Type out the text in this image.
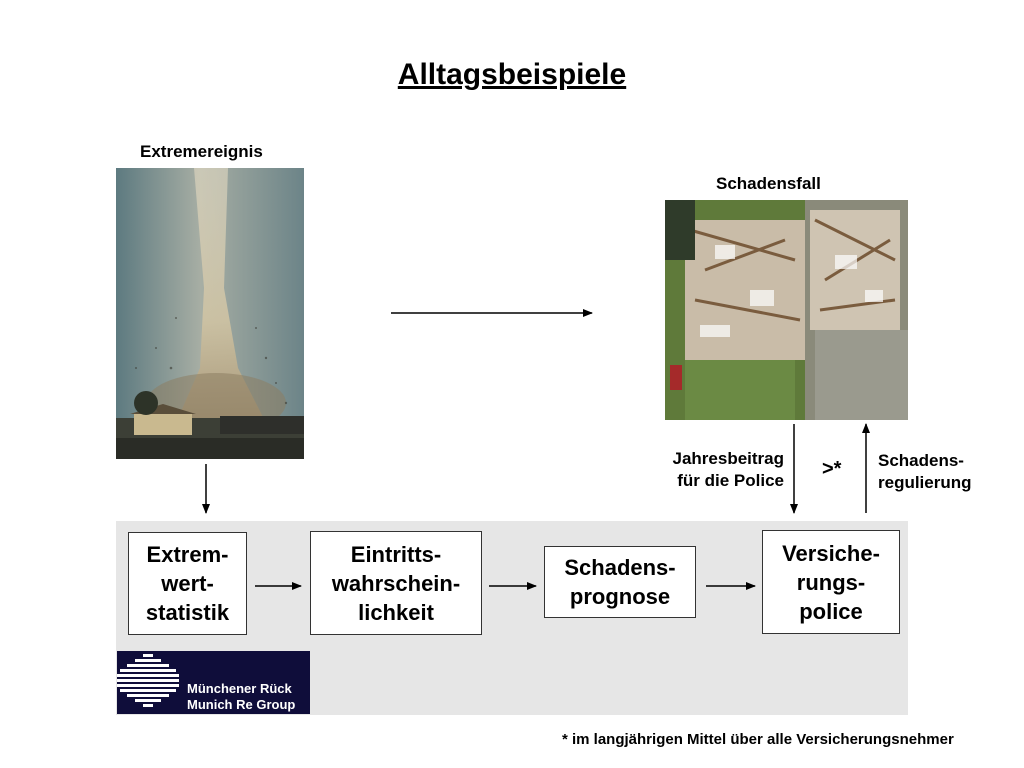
Alltagsbeispiele
Extremereignis
Schadensfall
Extrem-
wert-
statistik
Eintritts-
wahrschein-
lichkeit
Schadens-
prognose
Versiche-
rungs-
police
Jahresbeitrag
für die Police
>* Schadens-
regulierung
Münchener Rück
Munich Re Group
* im langjährigen Mittel über alle Versicherungsnehmer
